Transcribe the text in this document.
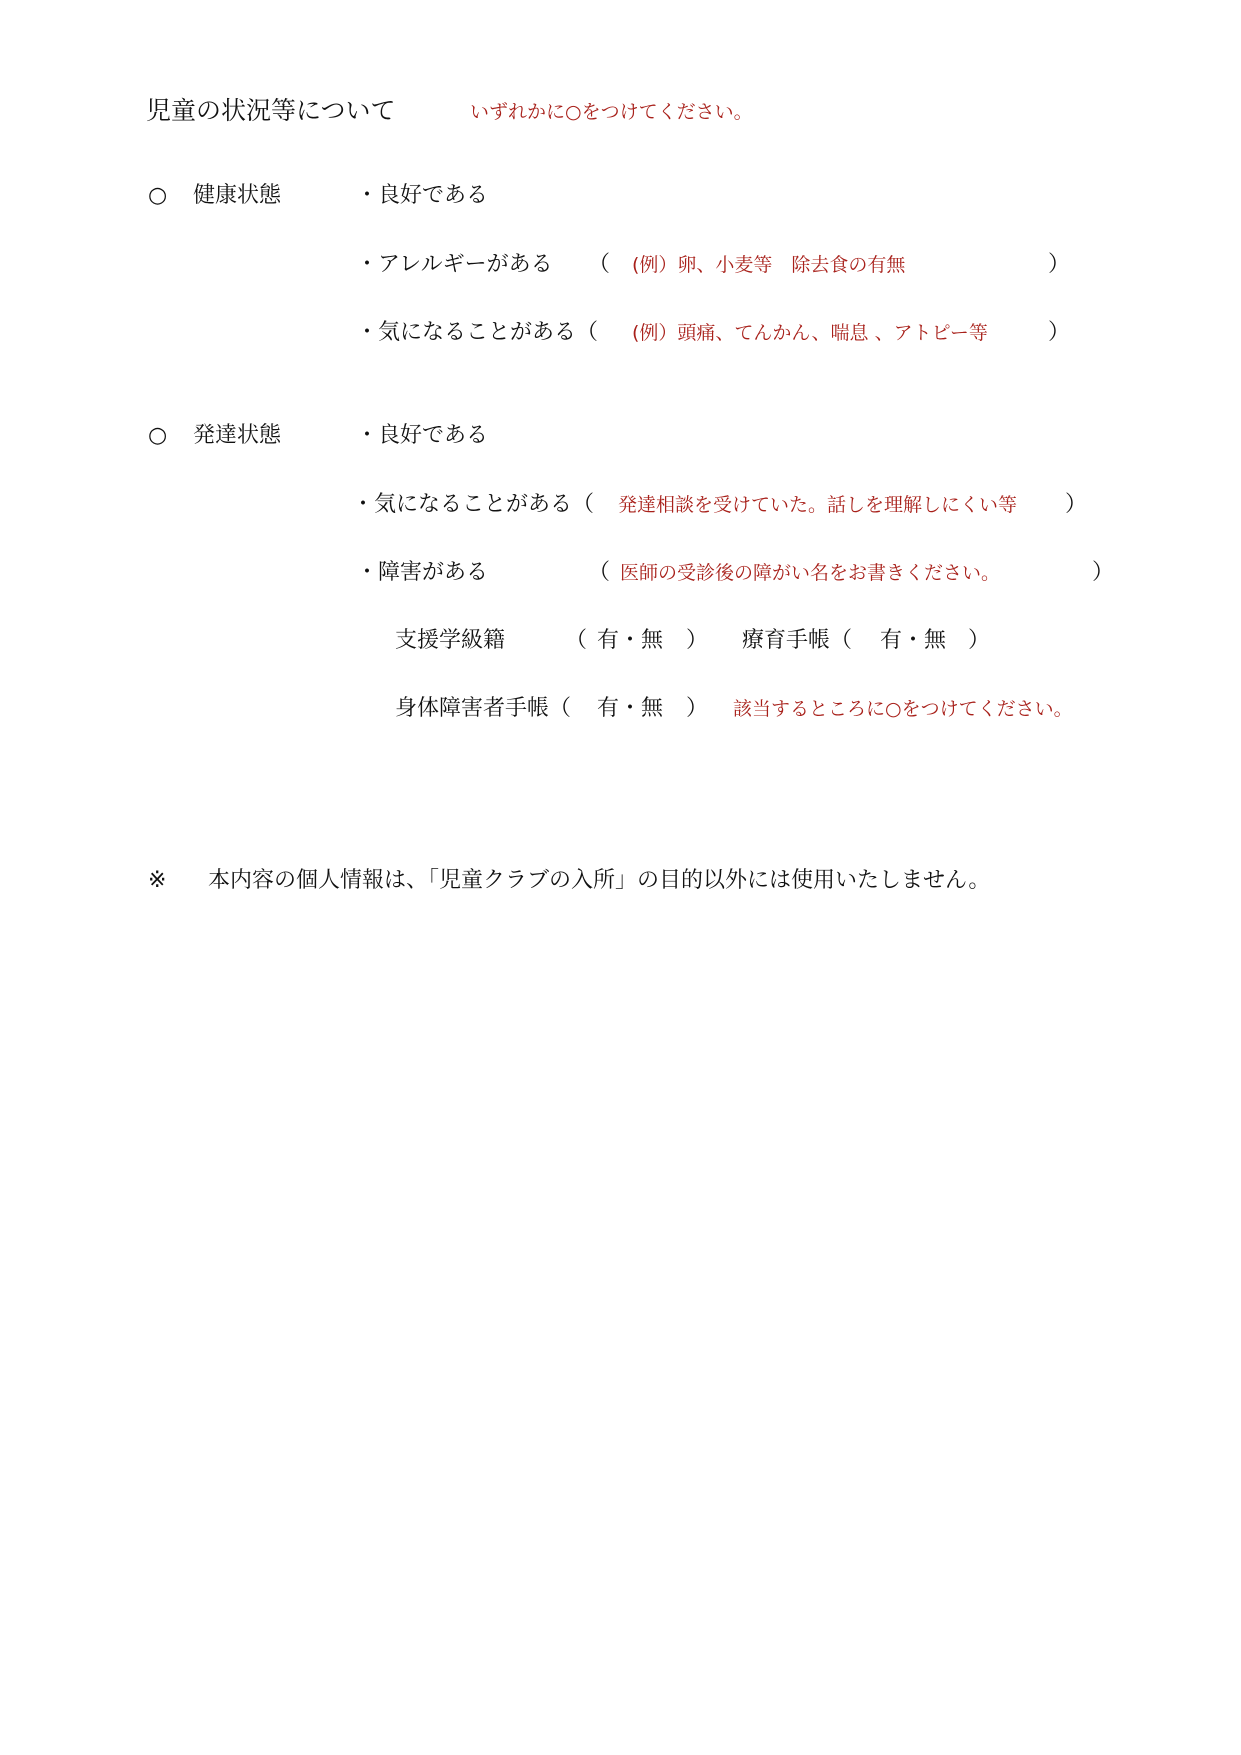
児童の状況等について	いずれかに○をつけてください。
○ 健康状態	・良好である
・アレルギーがある （ (例）卵、小麦等　除去食の有無	）
・気になることがある（ (例）頭痛、てんかん、喘息 、アトピー等	）
○ 発達状態	・良好である
・気になることがある（ 発達相談を受けていた。話しを理解しにくい等 ）
・障害がある	（ 医師の受診後の障がい名をお書きください。	）
支援学級籍	（ 有・無 ） 療育手帳（ 有・無 ）
身体障害者手帳（ 有・無 ） 該当するところに○をつけてください。
※ 本内容の個人情報は、「児童クラブの入所」の目的以外には使用いたしません。
